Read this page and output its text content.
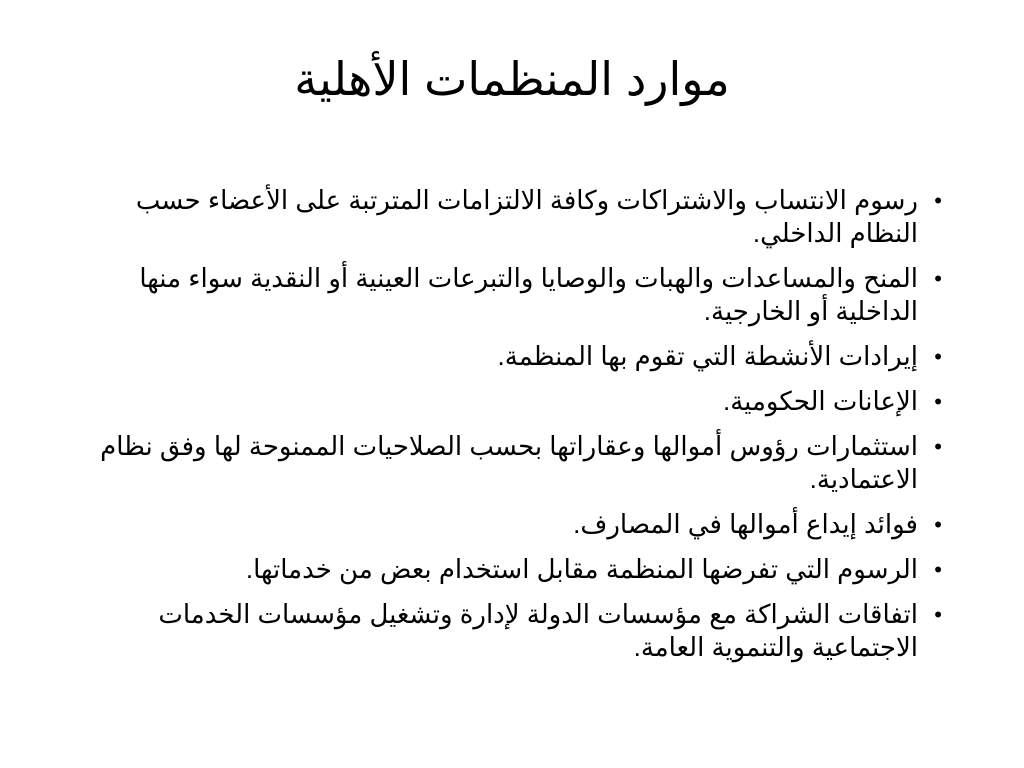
موارد المنظمات الأهلية
•
رسوم الانتساب والاشتراكات وكافة الالتزامات المترتبة على الأعضاء حسب النظام الداخلي.
•
المنح والمساعدات والهبات والوصايا والتبرعات العينية أو النقدية سواء منها الداخلية أو الخارجية.
•
إيرادات الأنشطة التي تقوم بها المنظمة.
•
الإعانات الحكومية.
•
استثمارات رؤوس أموالها وعقاراتها بحسب الصلاحيات الممنوحة لها وفق نظام الاعتمادية.
•
فوائد إيداع أموالها في المصارف.
•
الرسوم التي تفرضها المنظمة مقابل استخدام بعض من خدماتها.
•
اتفاقات الشراكة مع مؤسسات الدولة لإدارة وتشغيل مؤسسات الخدمات الاجتماعية والتنموية العامة.
